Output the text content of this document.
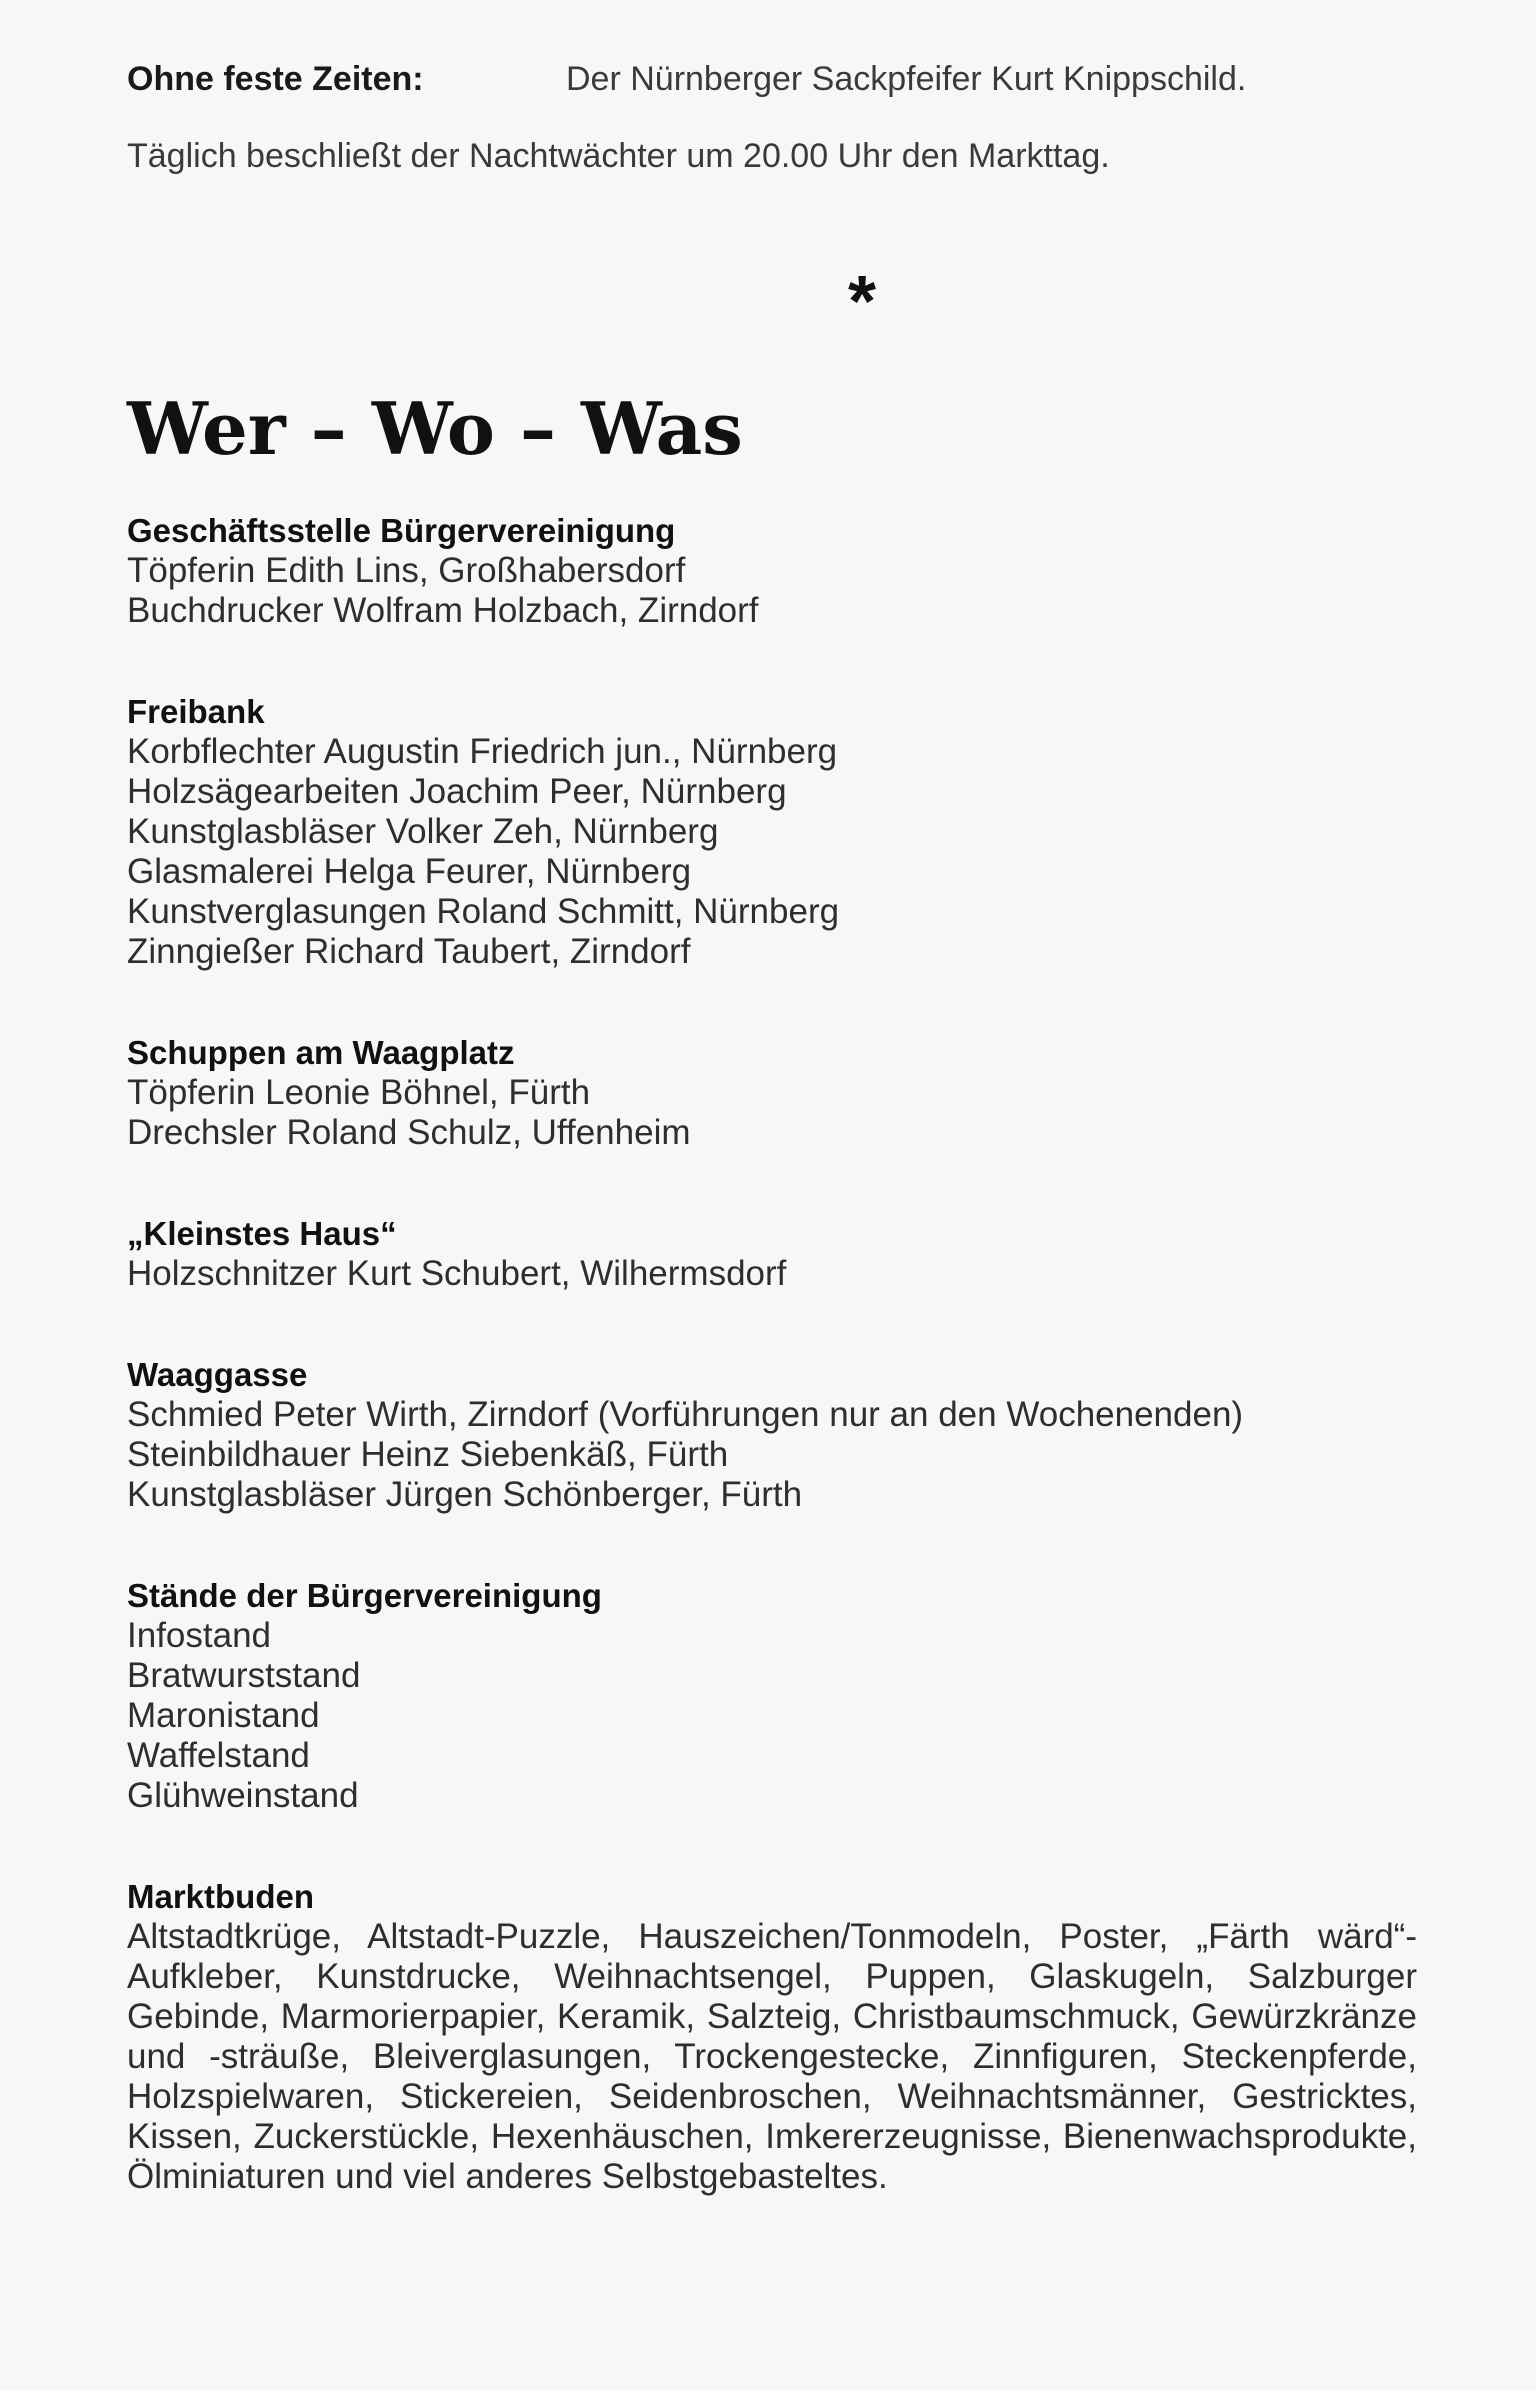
Ohne feste Zeiten:	Der Nürnberger Sackpfeifer Kurt Knippschild.
Täglich beschließt der Nachtwächter um 20.00 Uhr den Markttag.
*
Wer – Wo – Was
Geschäftsstelle Bürgervereinigung
Töpferin Edith Lins, Großhabersdorf
Buchdrucker Wolfram Holzbach, Zirndorf
Freibank
Korbflechter Augustin Friedrich jun., Nürnberg
Holzsägearbeiten Joachim Peer, Nürnberg
Kunstglasbläser Volker Zeh, Nürnberg
Glasmalerei Helga Feurer, Nürnberg
Kunstverglasungen Roland Schmitt, Nürnberg
Zinngießer Richard Taubert, Zirndorf
Schuppen am Waagplatz
Töpferin Leonie Böhnel, Fürth
Drechsler Roland Schulz, Uffenheim
„Kleinstes Haus“
Holzschnitzer Kurt Schubert, Wilhermsdorf
Waaggasse
Schmied Peter Wirth, Zirndorf (Vorführungen nur an den Wochenenden)
Steinbildhauer Heinz Siebenkäß, Fürth
Kunstglasbläser Jürgen Schönberger, Fürth
Stände der Bürgervereinigung
Infostand
Bratwurststand
Maronistand
Waffelstand
Glühweinstand
Marktbuden

Altstadtkrüge, Altstadt-Puzzle, Hauszeichen/Tonmodeln, Poster, „Färth wärd“-Aufkleber, Kunstdrucke, Weihnachtsengel, Puppen, Glaskugeln, Salzburger Gebinde, Marmorierpapier, Keramik, Salzteig, Christbaumschmuck, Gewürzkränze und -sträuße, Bleiverglasungen, Trockengestecke, Zinnfiguren, Steckenpferde, Holzspielwaren, Stickereien, Seidenbroschen, Weihnachtsmänner, Gestricktes, Kissen, Zuckerstückle, Hexenhäuschen, Imkererzeugnisse, Bienenwachsprodukte, Ölminiaturen und viel anderes Selbstgebasteltes.
